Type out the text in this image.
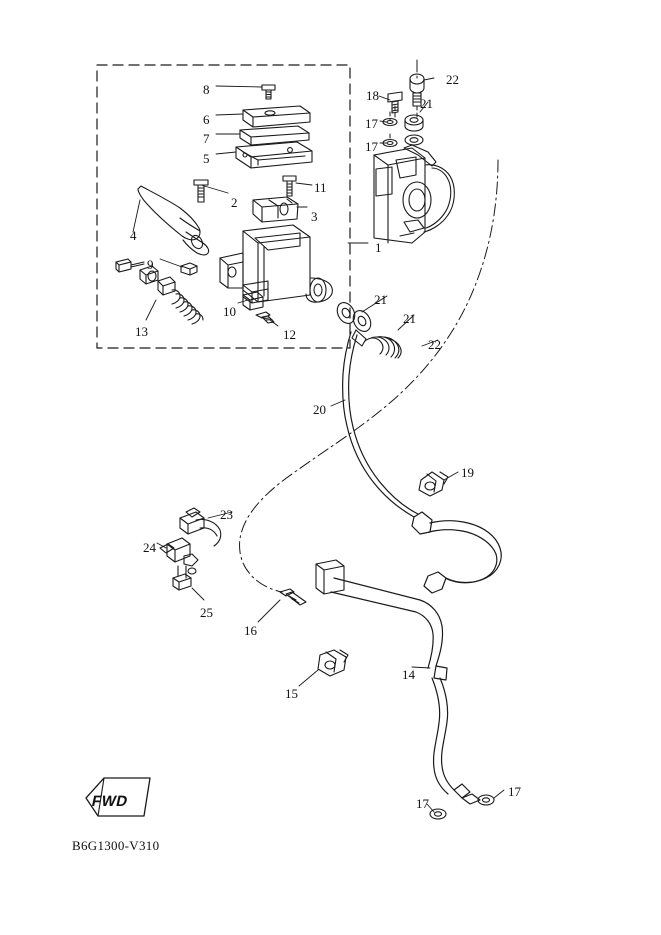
FWD
B6G1300-V310
1
2
3
4
5
6
7
8
9
10
11
12
13
14
15
16
17
17
17
17
18
19
20
21
21
21
22
22
23
24
25
